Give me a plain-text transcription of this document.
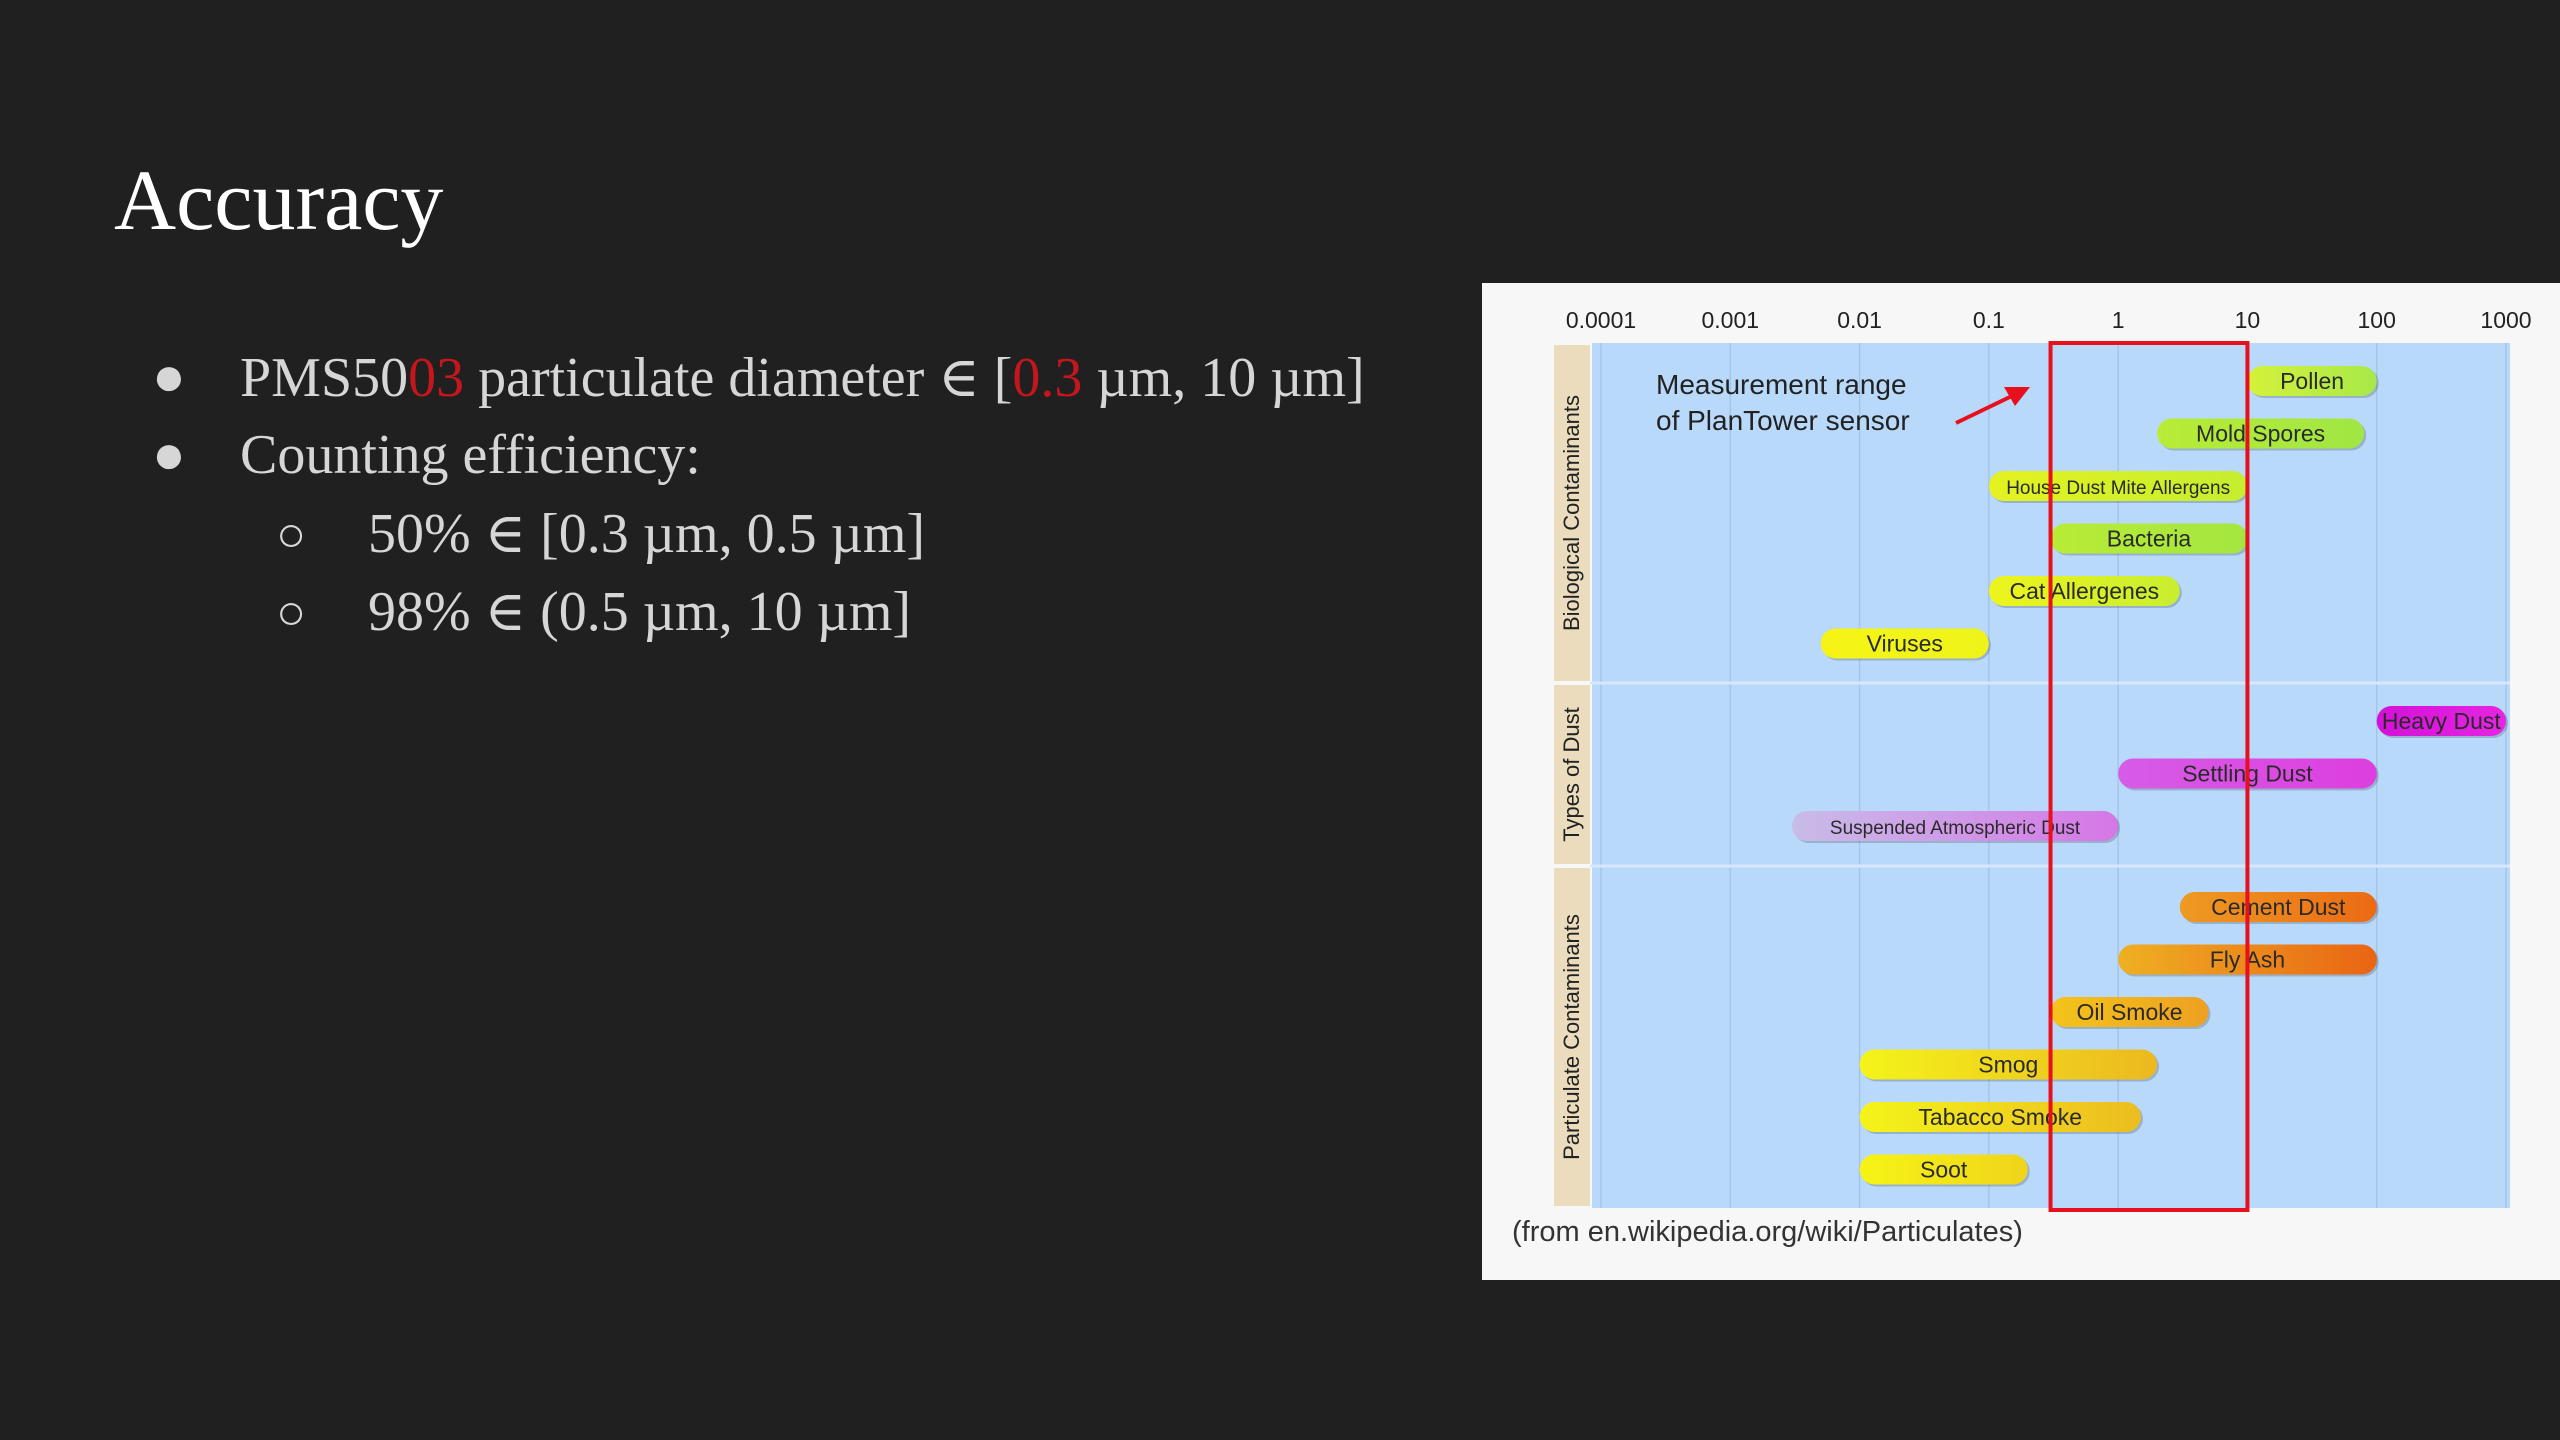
Accuracy
● PMS5003 particulate diameter ∈ [0.3 µm, 10 µm]
● Counting efficiency:
○ 50% ∈ [0.3 µm, 0.5 µm]
○ 98% ∈ (0.5 µm, 10 µm]
0.0001	0.001	0.01	0.1	1	10	100	1000
Biological Contaminants
Pollen
Mold Spores
House Dust Mite Allergens
Bacteria
Cat Allergenes
Viruses
Types of Dust	Heavy Dust
Settling Dust
Suspended Atmospheric Dust
Particulate Contaminants
Cement Dust
Fly Ash
Oil Smoke
Smog
Tabacco Smoke
Soot
Measurement range of PlanTower sensor
(from en.wikipedia.org/wiki/Particulates)
